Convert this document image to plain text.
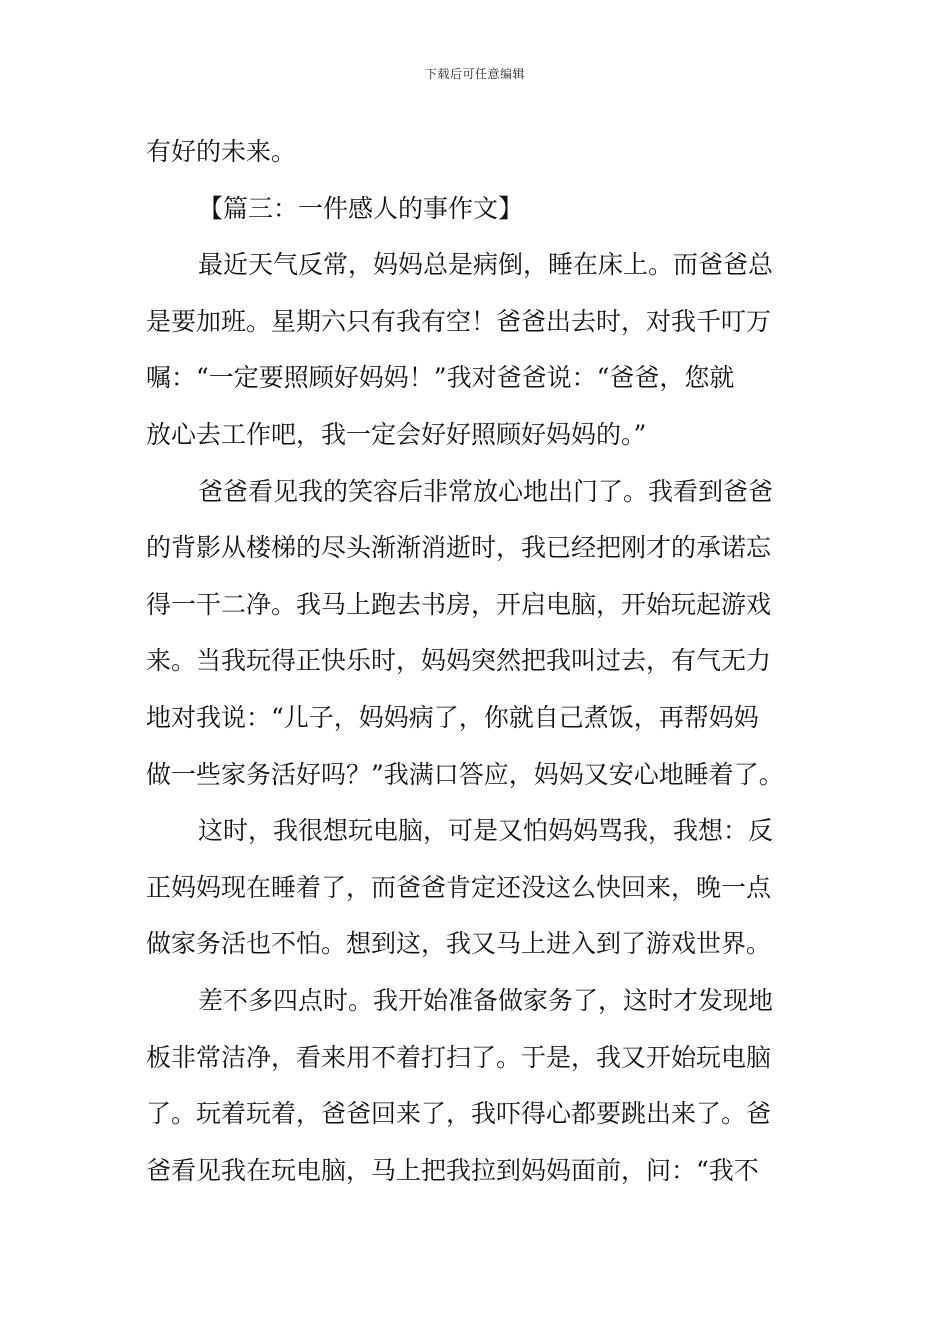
下载后可任意编辑
有好的未来。
【篇三：一件感人的事作文】
最近天气反常，妈妈总是病倒，睡在床上。而爸爸总
是要加班。星期六只有我有空！爸爸出去时，对我千叮万
嘱：“一定要照顾好妈妈！”我对爸爸说：“爸爸，您就
放心去工作吧，我一定会好好照顾好妈妈的。”
爸爸看见我的笑容后非常放心地出门了。我看到爸爸
的背影从楼梯的尽头渐渐消逝时，我已经把刚才的承诺忘
得一干二净。我马上跑去书房，开启电脑，开始玩起游戏
来。当我玩得正快乐时，妈妈突然把我叫过去，有气无力
地对我说：“儿子，妈妈病了，你就自己煮饭，再帮妈妈
做一些家务活好吗？”我满口答应，妈妈又安心地睡着了。
这时，我很想玩电脑，可是又怕妈妈骂我，我想：反
正妈妈现在睡着了，而爸爸肯定还没这么快回来，晚一点
做家务活也不怕。想到这，我又马上进入到了游戏世界。
差不多四点时。我开始准备做家务了，这时才发现地
板非常洁净，看来用不着打扫了。于是，我又开始玩电脑
了。玩着玩着，爸爸回来了，我吓得心都要跳出来了。爸
爸看见我在玩电脑，马上把我拉到妈妈面前，问：“我不
